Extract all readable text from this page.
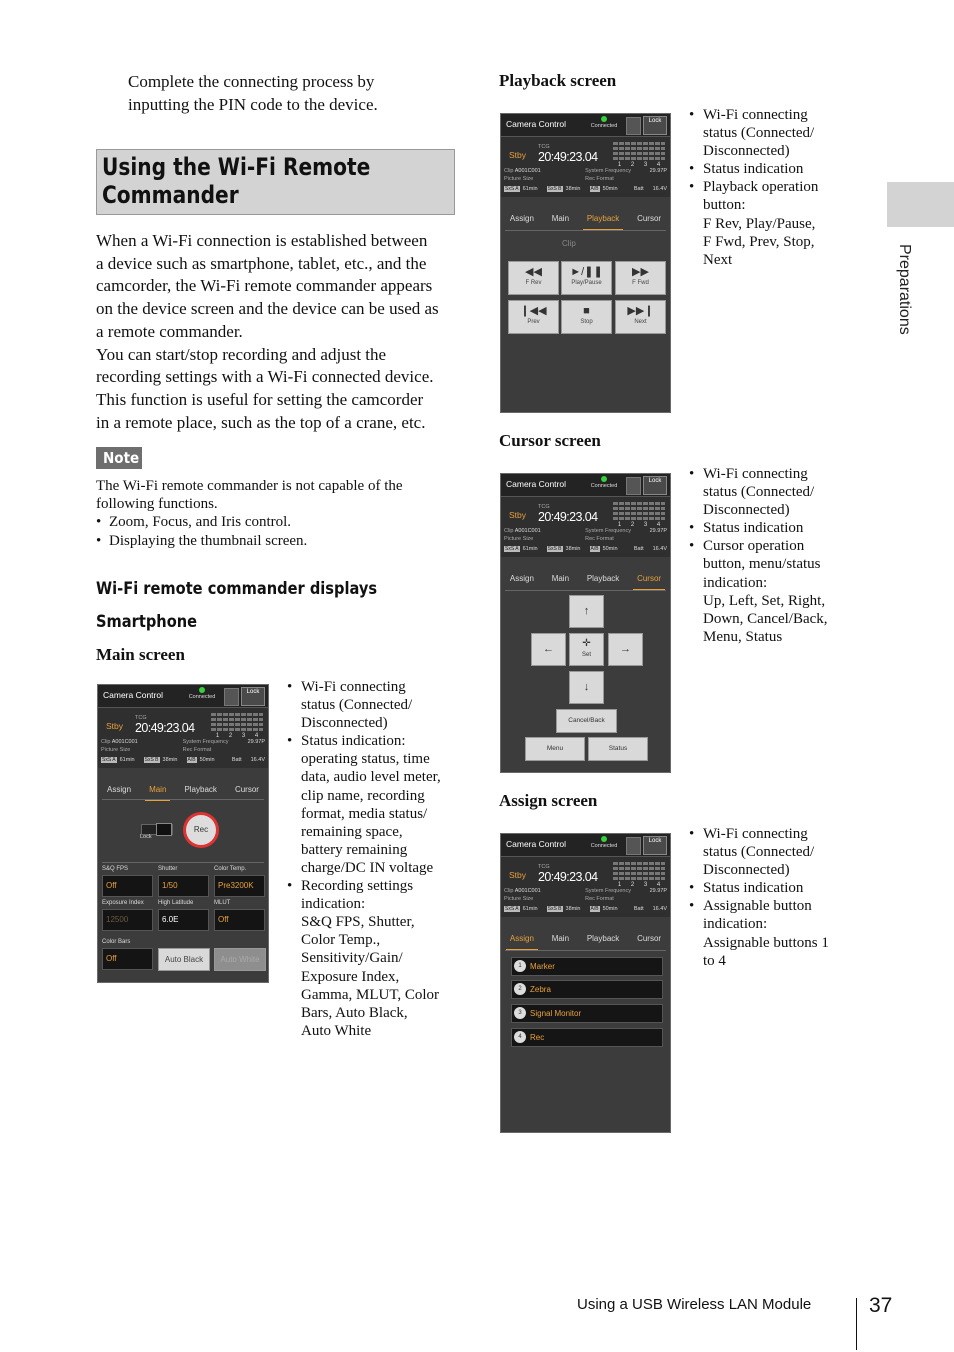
Complete the connecting process by
inputting the PIN code to the device.
Using the Wi-Fi Remote
Commander
When a Wi-Fi connection is established between
a device such as smartphone, tablet, etc., and the
camcorder, the Wi-Fi remote commander appears
on the device screen and the device can be used as
a remote commander.
You can start/stop recording and adjust the
recording settings with a Wi-Fi connected device.
This function is useful for setting the camcorder
in a remote place, such as the top of a crane, etc.
Note
The Wi-Fi remote commander is not capable of the
following functions.
• Zoom, Focus, and Iris control.
• Displaying the thumbnail screen.
Wi-Fi remote commander displays
Smartphone
Main screen
Playback screen
Cursor screen
Assign screen
Camera Control	Connected
Lock
Stby
TCG
20:49:23.04
1 2 3 4
Clip A001C001	System Frequency	29.97P
Picture Size	Rec Format
SxS A 61min SxS B 38min A/B 50min	Batt 16.4V
Assign	Main	Playback	Cursor
Lock
Rec
S&Q FPS
Off
Shutter
1/50
Color Temp.
Pre3200K
Exposure Index
12500
High Latitude
6.0E
MLUT
Off
Color Bars
Off	Auto Black	Auto White
Camera Control	Connected
Lock
Stby
TCG
20:49:23.04
1 2 3 4
Clip A001C001	System Frequency	29.97P
Picture Size	Rec Format
SxS A 61min SxS B 38min A/B 50min	Batt 16.4V
Assign	Main	Playback	Cursor
Clip
◀◀
F Rev
►/❚❚
Play/Pause
▶▶
F Fwd
❙◀◀
Prev
■
Stop
▶▶❙
Next
Camera Control	Connected
Lock
Stby
TCG
20:49:23.04
1 2 3 4
Clip A001C001	System Frequency	29.97P
Picture Size	Rec Format
SxS A 61min SxS B 38min A/B 50min	Batt 16.4V
Assign	Main	Playback	Cursor
↑
←	✛
Set	→
↓
Cancel/Back
Menu	Status
Camera Control	Connected
Lock
Stby
TCG
20:49:23.04
1 2 3 4
Clip A001C001	System Frequency	29.97P
Picture Size	Rec Format
SxS A 61min SxS B 38min A/B 50min	Batt 16.4V
Assign	Main	Playback	Cursor
1	Marker
2	Zebra
3	Signal Monitor
4	Rec
• Wi-Fi connecting
status (Connected/
Disconnected)
• Status indication:
operating status, time
data, audio level meter,
clip name, recording
format, media status/
remaining space,
battery remaining
charge/DC IN voltage
• Recording settings
indication:
S&Q FPS, Shutter,
Color Temp.,
Sensitivity/Gain/
Exposure Index,
Gamma, MLUT, Color
Bars, Auto Black,
Auto White
• Wi-Fi connecting
status (Connected/
Disconnected)
• Status indication
• Playback operation
button:
F Rev, Play/Pause,
F Fwd, Prev, Stop,
Next
• Wi-Fi connecting
status (Connected/
Disconnected)
• Status indication
• Cursor operation
button, menu/status
indication:
Up, Left, Set, Right,
Down, Cancel/Back,
Menu, Status
• Wi-Fi connecting
status (Connected/
Disconnected)
• Status indication
• Assignable button
indication:
Assignable buttons 1
to 4
Preparations
Using a USB Wireless LAN Module	37
